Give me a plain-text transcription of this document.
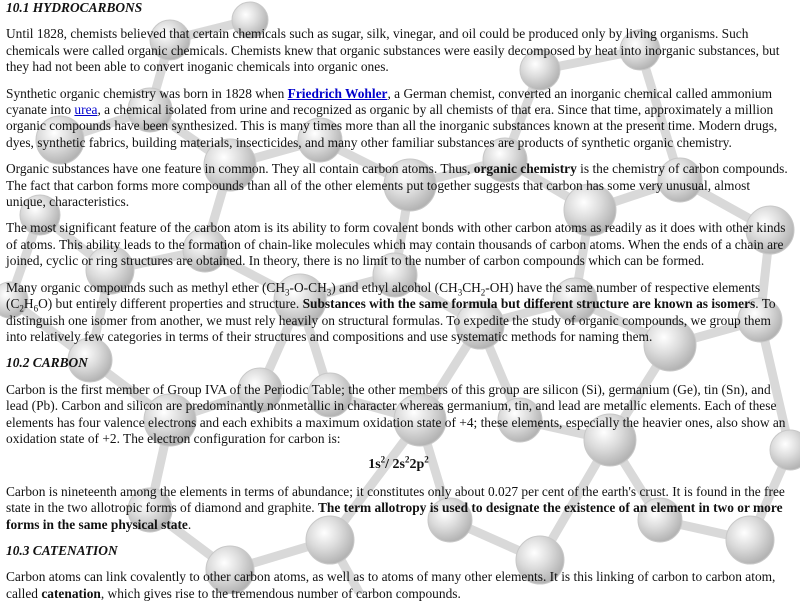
10.1 HYDROCARBONS

Until 1828, chemists believed that certain chemicals such as sugar, silk, vinegar, and oil could be produced only by living organisms. Such chemicals were called organic chemicals. Chemists knew that organic substances were easily decomposed by heat into inorganic substances, but they had not been able to convert inoganic chemicals into organic ones.

Synthetic organic chemistry was born in 1828 when Friedrich Wohler, a German chemist, converted an inorganic chemical called ammonium cyanate into urea, a chemical isolated from urine and recognized as organic by all chemists of that era. Since that time, approximately a million organic compounds have been synthesized. This is many times more than all the inorganic substances known at the present time. Modern drugs, dyes, synthetic fabrics, building materials, insecticides, and many other familiar substances are products of synthetic organic chemistry.

Organic substances have one feature in common. They all contain carbon atoms. Thus, organic chemistry is the chemistry of carbon compounds. The fact that carbon forms more compounds than all of the other elements put together suggests that carbon has some very unusual, almost unique, characteristics.

The most significant feature of the carbon atom is its ability to form covalent bonds with other carbon atoms as readily as it does with other kinds of atoms. This ability leads to the formation of chain-like molecules which may contain thousands of carbon atoms. When the ends of a chain are joined, cyclic or ring structures are obtained. In theory, there is no limit to the number of carbon compounds which can be formed.

Many organic compounds such as methyl ether $(CH_3-O-CH_3)$ and ethyl alcohol $(CH_3CH_2-OH)$ have the same number of respective elements $(C_2H_6O)$ but entirely different properties and structure. Substances with the same formula but different structure are known as isomers. To distinguish one isomer from another, we must rely heavily on structural formulas. To expedite the study of organic compounds, we group them into relatively few categories in terms of their structures and compositions and use systematic methods for naming them.

10.2 CARBON

Carbon is the first member of Group IVA of the Periodic Table; the other members of this group are silicon (Si), germanium (Ge), tin (Sn), and lead (Pb). Carbon and silicon are predominantly nonmetallic in character whereas germanium, tin, and lead are metallic elements. Each of these elements has four valence electrons and each exhibits a maximum oxidation state of +4; these elements, especially the heavier ones, also show an oxidation state of +2. The electron configuration for carbon is:

$1s^2/$ $2s^22p^2$

Carbon is nineteenth among the elements in terms of abundance; it constitutes only about 0.027 per cent of the earth's crust. It is found in the free state in the two allotropic forms of diamond and graphite. The term allotropy is used to designate the existence of an element in two or more forms in the same physical state.

10.3 CATENATION

Carbon atoms can link covalently to other carbon atoms, as well as to atoms of many other elements. It is this linking of carbon to carbon atom, called catenation, which gives rise to the tremendous number of carbon compounds.
